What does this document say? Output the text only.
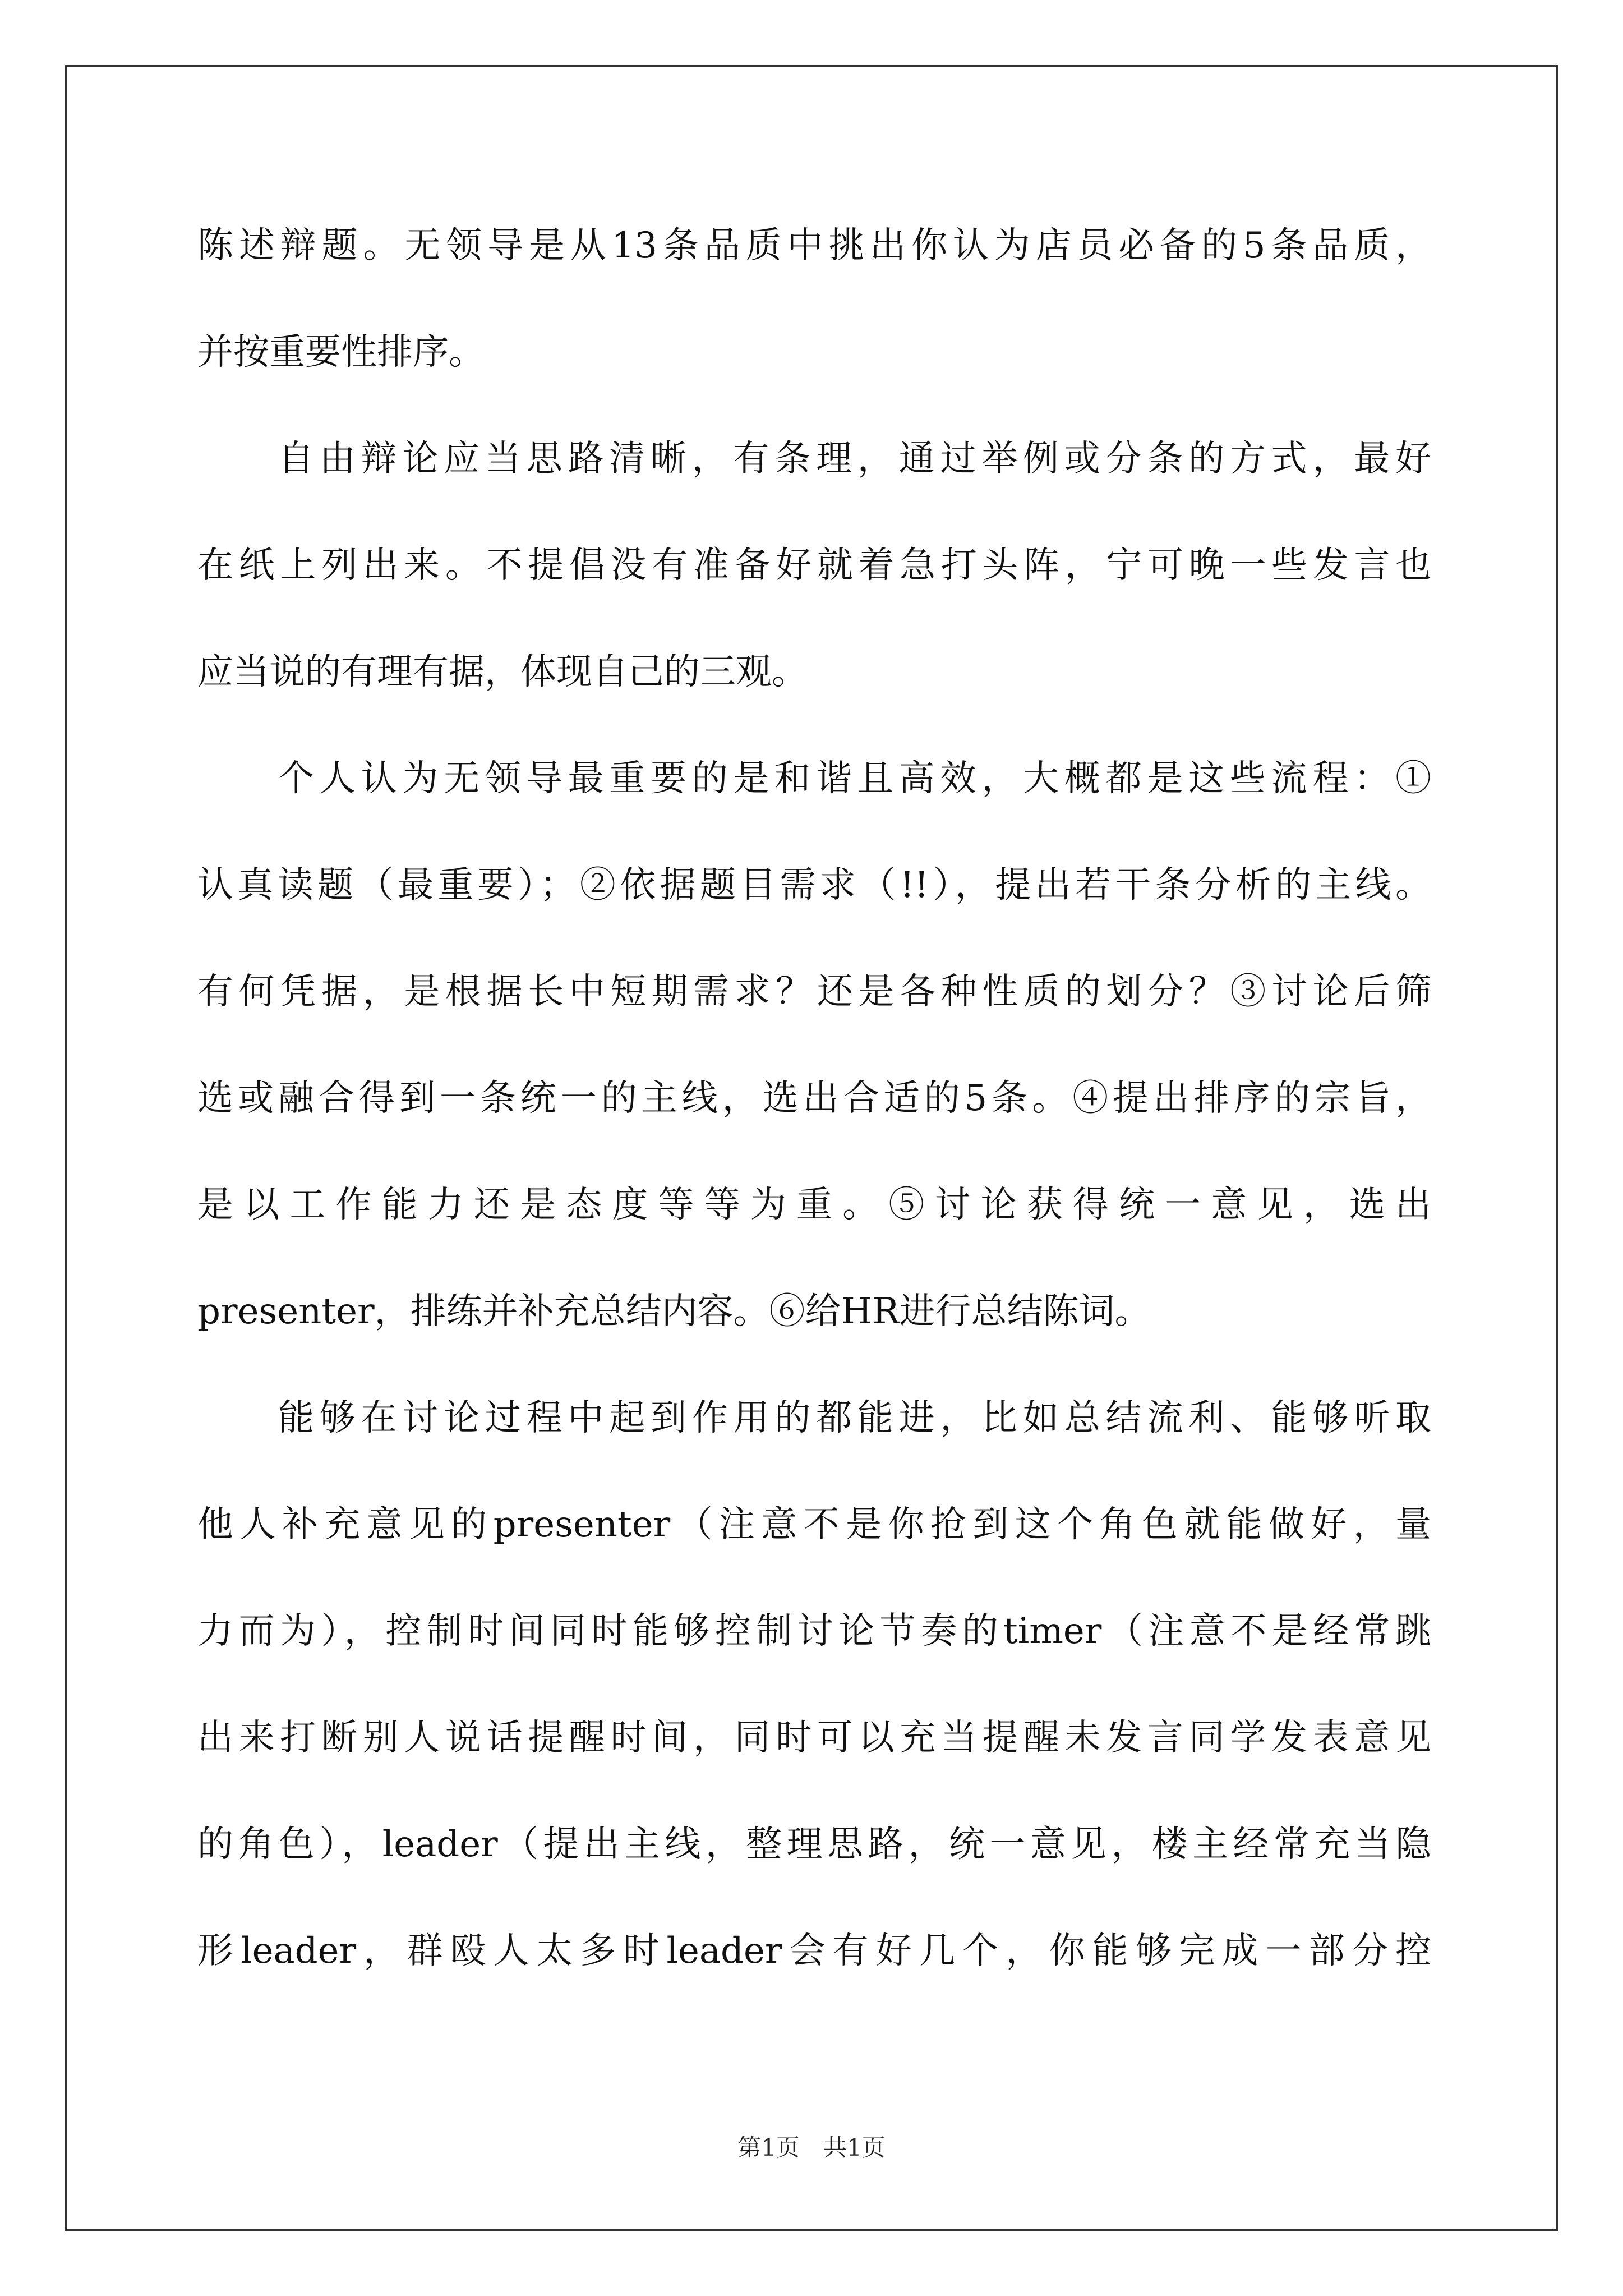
陈述辩题。无领导是从13条品质中挑出你认为店员必备的5条品质，
并按重要性排序。
自由辩论应当思路清晰，有条理，通过举例或分条的方式，最好
在纸上列出来。不提倡没有准备好就着急打头阵，宁可晚一些发言也
应当说的有理有据，体现自己的三观。
个人认为无领导最重要的是和谐且高效，大概都是这些流程：①
认真读题（最重要）；②依据题目需求（!!），提出若干条分析的主线。
有何凭据，是根据长中短期需求？还是各种性质的划分？③讨论后筛
选或融合得到一条统一的主线，选出合适的5条。④提出排序的宗旨，
是以工作能力还是态度等等为重。⑤讨论获得统一意见，选出
presenter，排练并补充总结内容。⑥给HR进行总结陈词。
能够在讨论过程中起到作用的都能进，比如总结流利、能够听取
他人补充意见的presenter（注意不是你抢到这个角色就能做好，量
力而为），控制时间同时能够控制讨论节奏的timer（注意不是经常跳
出来打断别人说话提醒时间，同时可以充当提醒未发言同学发表意见
的角色），leader（提出主线，整理思路，统一意见，楼主经常充当隐
形leader，群殴人太多时leader会有好几个，你能够完成一部分控
第1页　共1页
